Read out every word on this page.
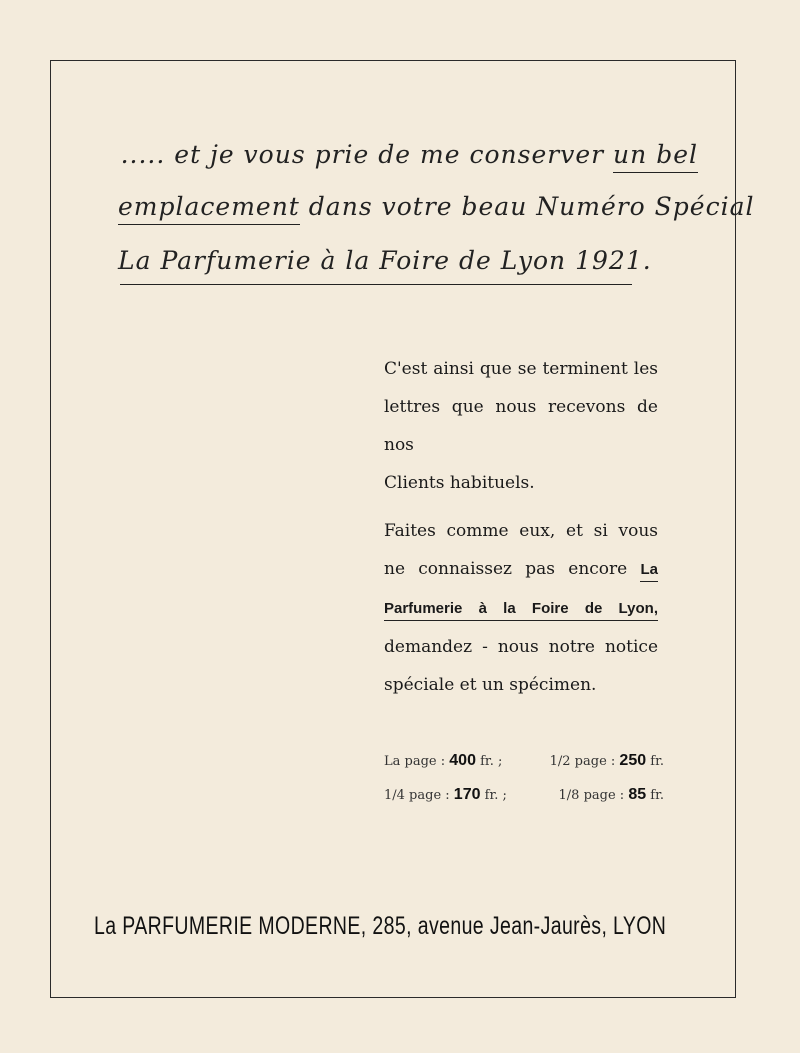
..... et je vous prie de me conserver un bel
emplacement dans votre beau Numéro Spécial
La Parfumerie à la Foire de Lyon 1921.
C'est ainsi que se terminent les
lettres que nous recevons de nos
Clients habituels.
Faites comme eux, et si vous
ne connaissez pas encore La
Parfumerie à la Foire de Lyon,
demandez - nous notre notice
spéciale et un spécimen.
La page : 400 fr. ;	1/2 page : 250 fr.
1/4 page : 170 fr. ;	1/8 page : 85 fr.
La PARFUMERIE MODERNE, 285, avenue Jean-Jaurès, LYON
